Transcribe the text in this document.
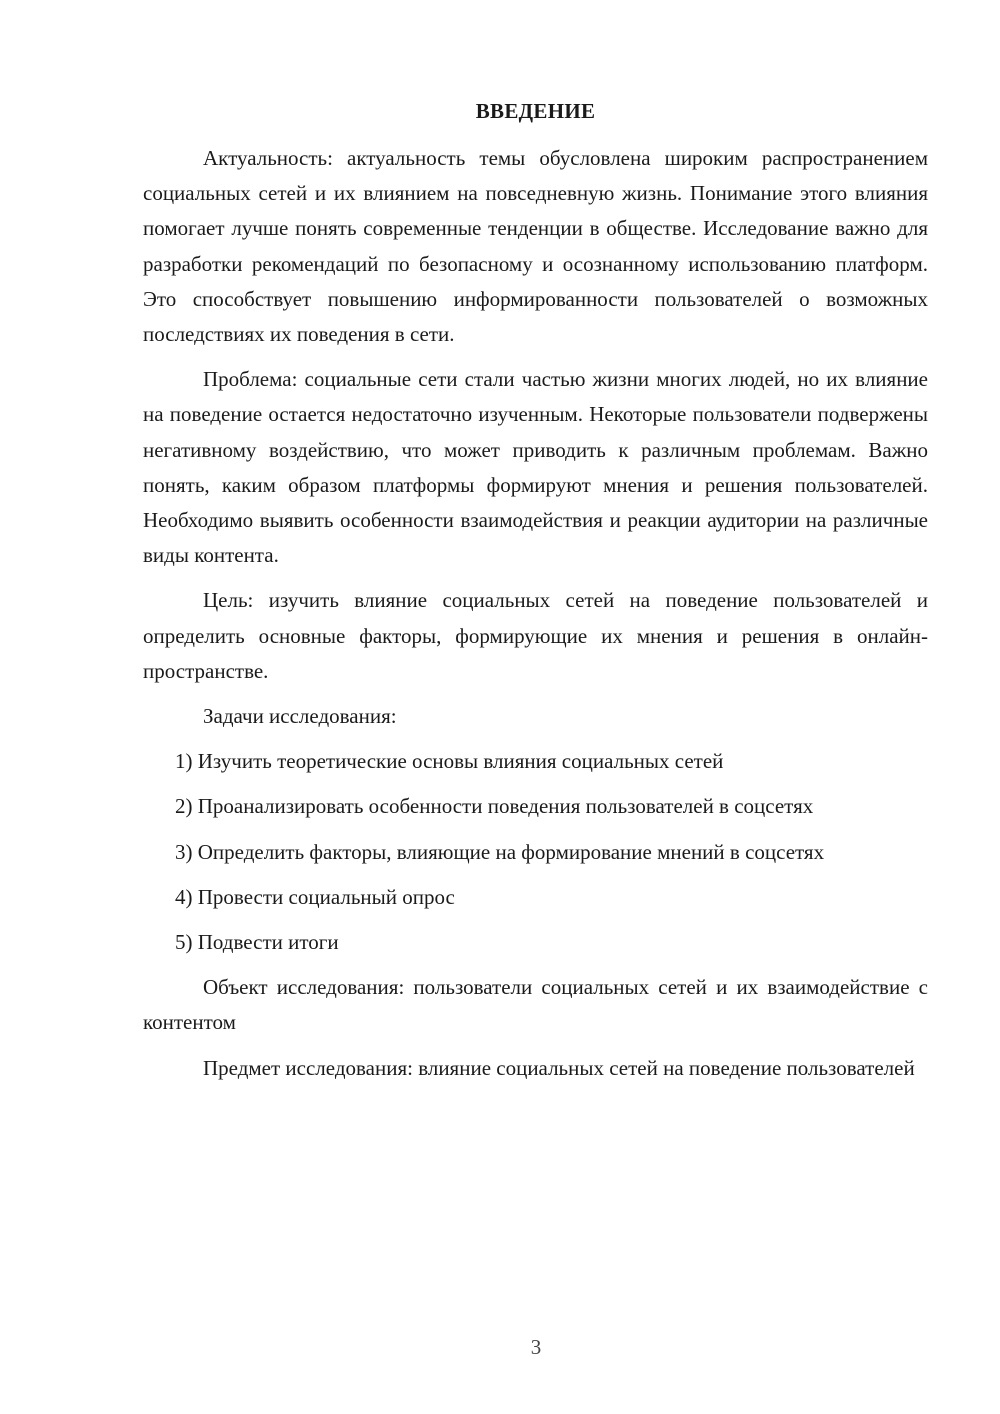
ВВЕДЕНИЕ

Актуальность: актуальность темы обусловлена широким распространением социальных сетей и их влиянием на повседневную жизнь. Понимание этого влияния помогает лучше понять современные тенденции в обществе. Исследование важно для разработки рекомендаций по безопасному и осознанному использованию платформ. Это способствует повышению информированности пользователей о возможных последствиях их поведения в сети.

Проблема: социальные сети стали частью жизни многих людей, но их влияние на поведение остается недостаточно изученным. Некоторые пользователи подвержены негативному воздействию, что может приводить к различным проблемам. Важно понять, каким образом платформы формируют мнения и решения пользователей. Необходимо выявить особенности взаимодействия и реакции аудитории на различные виды контента.

Цель: изучить влияние социальных сетей на поведение пользователей и определить основные факторы, формирующие их мнения и решения в онлайн-пространстве.

Задачи исследования:

1) Изучить теоретические основы влияния социальных сетей

2) Проанализировать особенности поведения пользователей в соцсетях

3) Определить факторы, влияющие на формирование мнений в соцсетях

4) Провести социальный опрос

5) Подвести итоги

Объект исследования: пользователи социальных сетей и их взаимодействие с контентом

Предмет исследования: влияние социальных сетей на поведение пользователей

3
